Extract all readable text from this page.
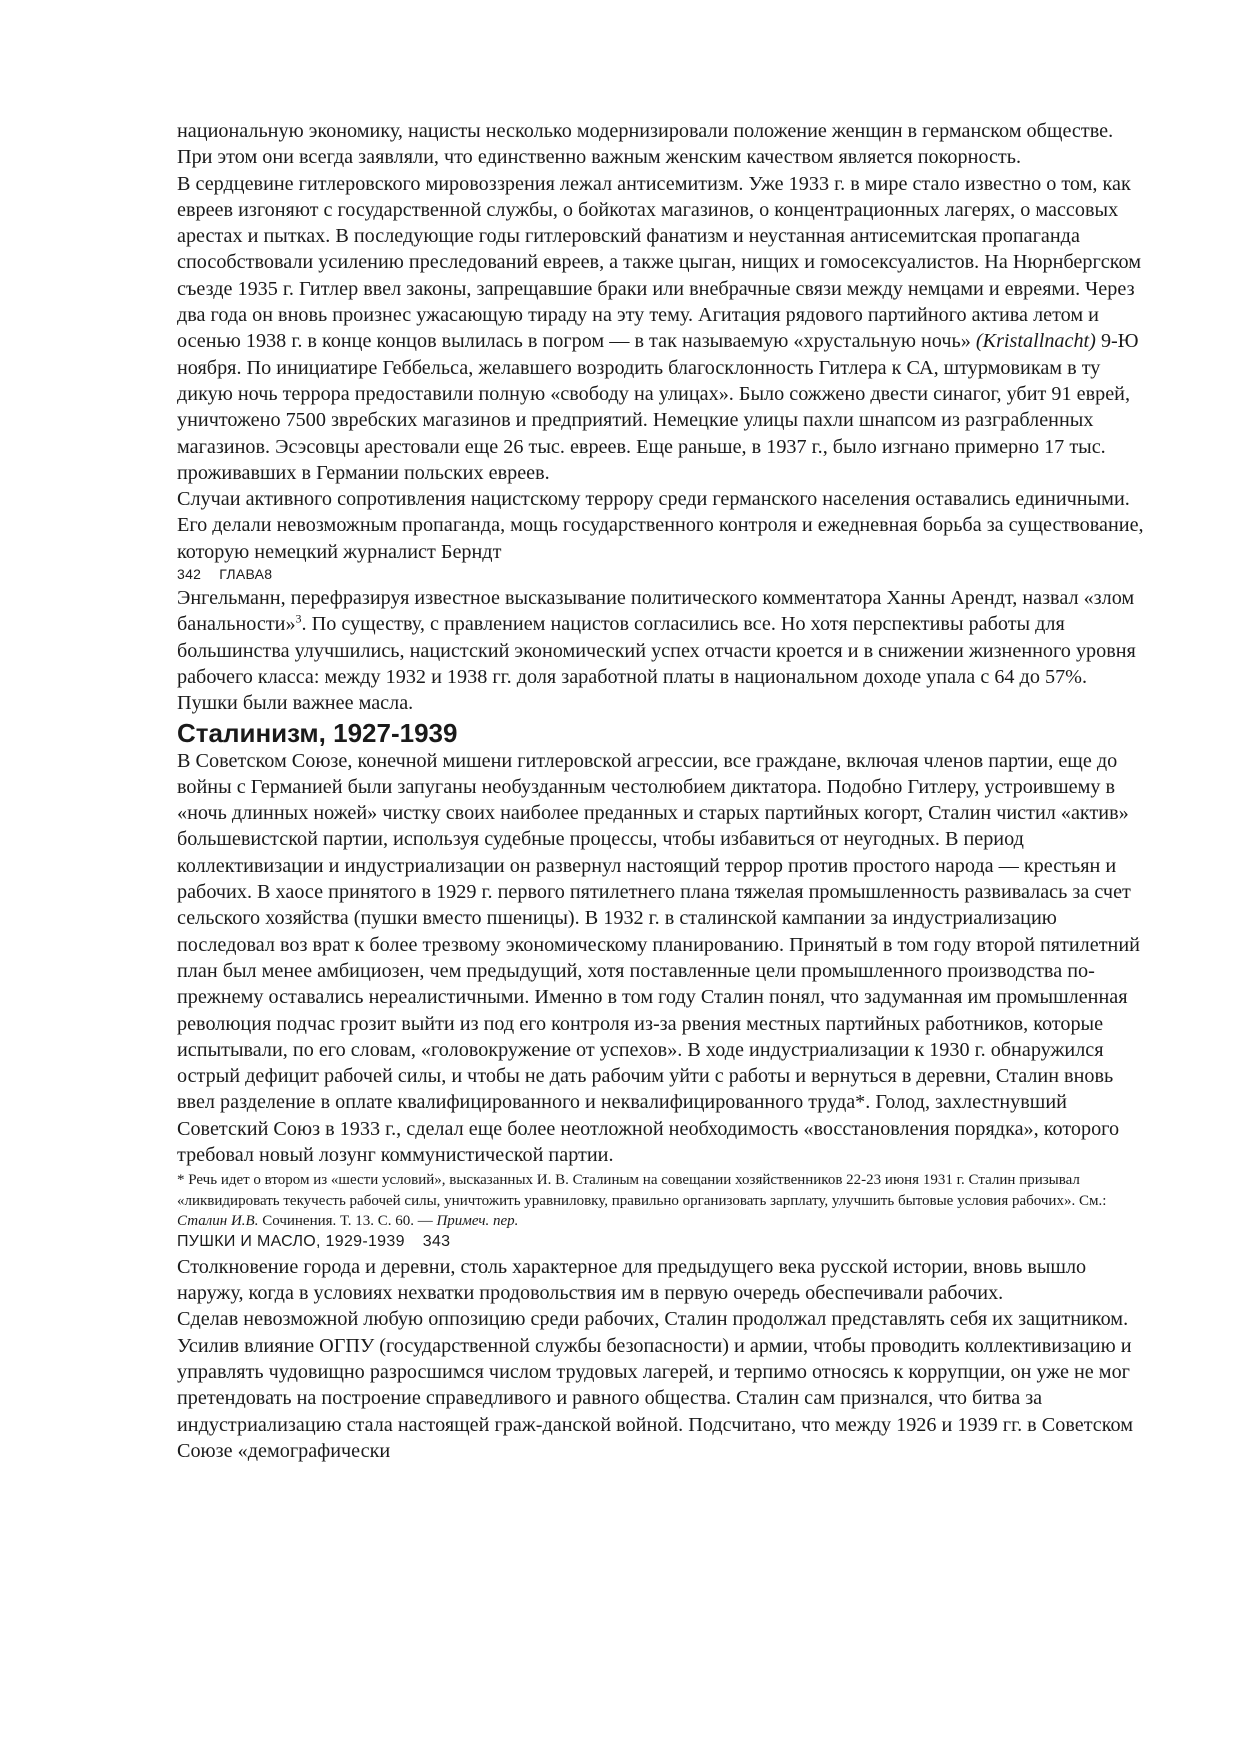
национальную экономику, нацисты несколько модернизировали положение женщин в германском обществе. При этом они всегда заявляли, что единственно важным женским качеством является покорность.

В сердцевине гитлеровского мировоззрения лежал антисемитизм. Уже 1933 г. в мире стало известно о том, как евреев изгоняют с государственной службы, о бойкотах магазинов, о концентрационных лагерях, о массовых арестах и пытках. В последующие годы гитлеровский фанатизм и неустанная антисемитская пропаганда способствовали усилению преследований евреев, а также цыган, нищих и гомосексуалистов. На Нюрнбергском съезде 1935 г. Гитлер ввел законы, запрещавшие браки или внебрачные связи между немцами и евреями. Через два года он вновь произнес ужасающую тираду на эту тему. Агитация рядового партийного актива летом и осенью 1938 г. в конце концов вылилась в погром — в так называемую «хрустальную ночь» (Kristallnacht) 9-Ю ноября. По инициатире Геббельса, желавшего возродить благосклонность Гитлера к СА, штурмовикам в ту дикую ночь террора предоставили полную «свободу на улицах». Было сожжено двести синагог, убит 91 еврей, уничтожено 7500 звребских магазинов и предприятий. Немецкие улицы пахли шнапсом из разграбленных магазинов. Эсэсовцы арестовали еще 26 тыс. евреев. Еще раньше, в 1937 г., было изгнано примерно 17 тыс. проживавших в Германии польских евреев.

Случаи активного сопротивления нацистскому террору среди германского населения оставались единичными. Его делали невозможным пропаганда, мощь государственного контроля и ежедневная борьба за существование, которую немецкий журналист Берндт

342 ГЛАВА8

Энгельманн, перефразируя известное высказывание политического комментатора Ханны Арендт, назвал «злом банальности»$^3$. По существу, с правлением нацистов согласились все. Но хотя перспективы работы для большинства улучшились, нацистский экономический успех отчасти кроется и в снижении жизненного уровня рабочего класса: между 1932 и 1938 гг. доля заработной платы в национальном доходе упала с 64 до 57%. Пушки были важнее масла.

Сталинизм, 1927-1939

В Советском Союзе, конечной мишени гитлеровской агрессии, все граждане, включая членов партии, еще до войны с Германией были запуганы необузданным честолюбием диктатора. Подобно Гитлеру, устроившему в «ночь длинных ножей» чистку своих наиболее преданных и старых партийных когорт, Сталин чистил «актив» большевистской партии, используя судебные процессы, чтобы избавиться от неугодных. В период коллективизации и индустриализации он развернул настоящий террор против простого народа — крестьян и рабочих. В хаосе принятого в 1929 г. первого пятилетнего плана тяжелая промышленность развивалась за счет сельского хозяйства (пушки вместо пшеницы). В 1932 г. в сталинской кампании за индустриализацию последовал воз врат к более трезвому экономическому планированию. Принятый в том году второй пятилетний план был менее амбициозен, чем предыдущий, хотя поставленные цели промышленного производства по-прежнему оставались нереалистичными. Именно в том году Сталин понял, что задуманная им промышленная революция подчас грозит выйти из под его контроля из-за рвения местных партийных работников, которые испытывали, по его словам, «головокружение от успехов». В ходе индустриализации к 1930 г. обнаружился острый дефицит рабочей силы, и чтобы не дать рабочим уйти с работы и вернуться в деревни, Сталин вновь ввел разделение в оплате квалифицированного и неквалифицированного труда*. Голод, захлестнувший Советский Союз в 1933 г., сделал еще более неотложной необходимость «восстановления порядка», которого требовал новый лозунг коммунистической партии.

* Речь идет о втором из «шести условий», высказанных И. В. Сталиным на совещании хозяйственников 22-23 июня 1931 г. Сталин призывал «ликвидировать текучесть рабочей силы, уничтожить уравниловку, правильно организовать зарплату, улучшить бытовые условия рабочих». См.: Сталин И.В. Сочинения. Т. 13. С. 60. — Примеч. пер.

ПУШКИ И МАСЛО, 1929-1939 343

Столкновение города и деревни, столь характерное для предыдущего века русской истории, вновь вышло наружу, когда в условиях нехватки продовольствия им в первую очередь обеспечивали рабочих.

Сделав невозможной любую оппозицию среди рабочих, Сталин продолжал представлять себя их защитником. Усилив влияние ОГПУ (государственной службы безопасности) и армии, чтобы проводить коллективизацию и управлять чудовищно разросшимся числом трудовых лагерей, и терпимо относясь к коррупции, он уже не мог претендовать на построение справедливого и равного общества. Сталин сам признался, что битва за индустриализацию стала настоящей граж-данской войной. Подсчитано, что между 1926 и 1939 гг. в Советском Союзе «демографически
